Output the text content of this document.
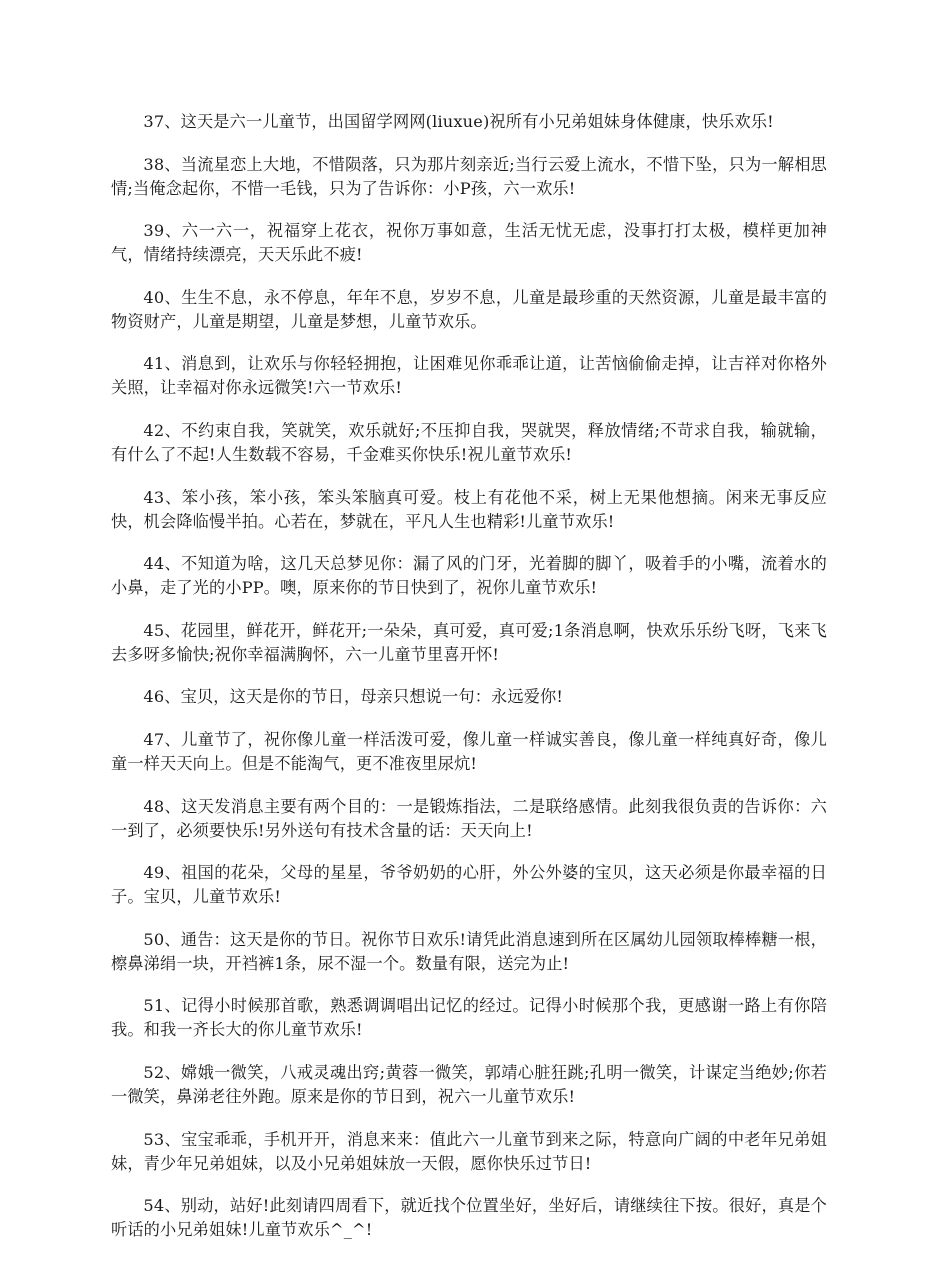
37、这天是六一儿童节，出国留学网网(liuxue)祝所有小兄弟姐妹身体健康，快乐欢乐!

38、当流星恋上大地，不惜陨落，只为那片刻亲近;当行云爱上流水，不惜下坠，只为一解相思情;当俺念起你，不惜一毛钱，只为了告诉你：小P孩，六一欢乐!

39、六一六一，祝福穿上花衣，祝你万事如意，生活无忧无虑，没事打打太极，模样更加神气，情绪持续漂亮，天天乐此不疲!

40、生生不息，永不停息，年年不息，岁岁不息，儿童是最珍重的天然资源，儿童是最丰富的物资财产，儿童是期望，儿童是梦想，儿童节欢乐。

41、消息到，让欢乐与你轻轻拥抱，让困难见你乖乖让道，让苦恼偷偷走掉，让吉祥对你格外关照，让幸福对你永远微笑!六一节欢乐!

42、不约束自我，笑就笑，欢乐就好;不压抑自我，哭就哭，释放情绪;不苛求自我，输就输，有什么了不起!人生数载不容易，千金难买你快乐!祝儿童节欢乐!

43、笨小孩，笨小孩，笨头笨脑真可爱。枝上有花他不采，树上无果他想摘。闲来无事反应快，机会降临慢半拍。心若在，梦就在，平凡人生也精彩!儿童节欢乐!

44、不知道为啥，这几天总梦见你：漏了风的门牙，光着脚的脚丫，吸着手的小嘴，流着水的小鼻，走了光的小PP。噢，原来你的节日快到了，祝你儿童节欢乐!

45、花园里，鲜花开，鲜花开;一朵朵，真可爱，真可爱;1条消息啊，快欢乐乐纷飞呀，飞来飞去多呀多愉快;祝你幸福满胸怀，六一儿童节里喜开怀!

46、宝贝，这天是你的节日，母亲只想说一句：永远爱你!

47、儿童节了，祝你像儿童一样活泼可爱，像儿童一样诚实善良，像儿童一样纯真好奇，像儿童一样天天向上。但是不能淘气，更不准夜里尿炕!

48、这天发消息主要有两个目的：一是锻炼指法，二是联络感情。此刻我很负责的告诉你：六一到了，必须要快乐!另外送句有技术含量的话：天天向上!

49、祖国的花朵，父母的星星，爷爷奶奶的心肝，外公外婆的宝贝，这天必须是你最幸福的日子。宝贝，儿童节欢乐!

50、通告：这天是你的节日。祝你节日欢乐!请凭此消息速到所在区属幼儿园领取棒棒糖一根，檫鼻涕绢一块，开裆裤1条，尿不湿一个。数量有限，送完为止!

51、记得小时候那首歌，熟悉调调唱出记忆的经过。记得小时候那个我，更感谢一路上有你陪我。和我一齐长大的你儿童节欢乐!

52、嫦娥一微笑，八戒灵魂出窍;黄蓉一微笑，郭靖心脏狂跳;孔明一微笑，计谋定当绝妙;你若一微笑，鼻涕老往外跑。原来是你的节日到，祝六一儿童节欢乐!

53、宝宝乖乖，手机开开，消息来来：值此六一儿童节到来之际，特意向广阔的中老年兄弟姐妹，青少年兄弟姐妹，以及小兄弟姐妹放一天假，愿你快乐过节日!

54、别动，站好!此刻请四周看下，就近找个位置坐好，坐好后，请继续往下按。很好，真是个听话的小兄弟姐妹!儿童节欢乐^_^!
